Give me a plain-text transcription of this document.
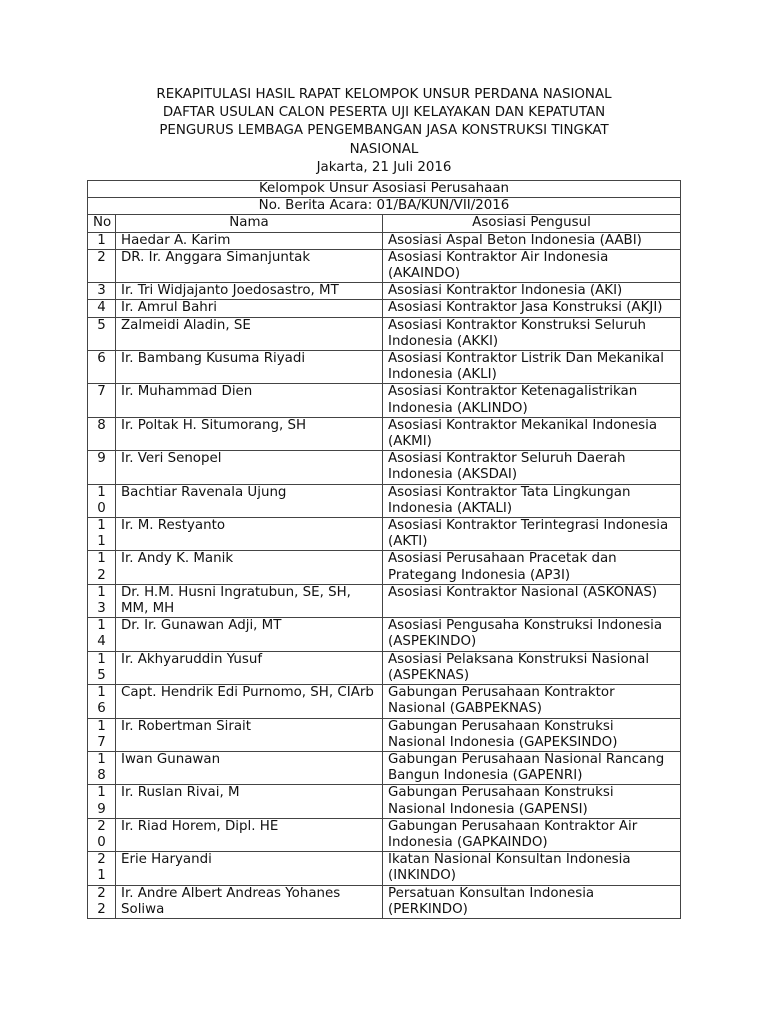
REKAPITULASI HASIL RAPAT KELOMPOK UNSUR PERDANA NASIONAL
DAFTAR USULAN CALON PESERTA UJI KELAYAKAN DAN KEPATUTAN
PENGURUS LEMBAGA PENGEMBANGAN JASA KONSTRUKSI TINGKAT
NASIONAL
Jakarta, 21 Juli 2016
Kelompok Unsur Asosiasi Perusahaan		
No. Berita Acara: 01/BA/KUN/VII/2016		
No	Nama	Asosiasi Pengusul
1	Haedar A. Karim	Asosiasi Aspal Beton Indonesia (AABI)
2	DR. Ir. Anggara Simanjuntak	Asosiasi Kontraktor Air Indonesia (AKAINDO)
3	Ir. Tri Widjajanto Joedosastro, MT	Asosiasi Kontraktor Indonesia (AKI)
4	Ir. Amrul Bahri	Asosiasi Kontraktor Jasa Konstruksi (AKJI)
5	Zalmeidi Aladin, SE	Asosiasi Kontraktor Konstruksi Seluruh Indonesia (AKKI)
6	Ir. Bambang Kusuma Riyadi	Asosiasi Kontraktor Listrik Dan Mekanikal Indonesia (AKLI)
7	Ir. Muhammad Dien	Asosiasi Kontraktor Ketenagalistrikan Indonesia (AKLINDO)
8	Ir. Poltak H. Situmorang, SH	Asosiasi Kontraktor Mekanikal Indonesia (AKMI)
9	Ir. Veri Senopel	Asosiasi Kontraktor Seluruh Daerah Indonesia (AKSDAI)
10	Bachtiar Ravenala Ujung	Asosiasi Kontraktor Tata Lingkungan Indonesia (AKTALI)
11	Ir. M. Restyanto	Asosiasi Kontraktor Terintegrasi Indonesia (AKTI)
12	Ir. Andy K. Manik	Asosiasi Perusahaan Pracetak dan Prategang Indonesia (AP3I)
13	Dr. H.M. Husni Ingratubun, SE, SH, MM, MH	Asosiasi Kontraktor Nasional (ASKONAS)
14	Dr. Ir. Gunawan Adji, MT	Asosiasi Pengusaha Konstruksi Indonesia (ASPEKINDO)
15	Ir. Akhyaruddin Yusuf	Asosiasi Pelaksana Konstruksi Nasional (ASPEKNAS)
16	Capt. Hendrik Edi Purnomo, SH, CIArb	Gabungan Perusahaan Kontraktor Nasional (GABPEKNAS)
17	Ir. Robertman Sirait	Gabungan Perusahaan Konstruksi Nasional Indonesia (GAPEKSINDO)
18	Iwan Gunawan	Gabungan Perusahaan Nasional Rancang Bangun Indonesia (GAPENRI)
19	Ir. Ruslan Rivai, M	Gabungan Perusahaan Konstruksi Nasional Indonesia (GAPENSI)
20	Ir. Riad Horem, Dipl. HE	Gabungan Perusahaan Kontraktor Air Indonesia (GAPKAINDO)
21	Erie Haryandi	Ikatan Nasional Konsultan Indonesia (INKINDO)
22	Ir. Andre Albert Andreas Yohanes Soliwa	Persatuan Konsultan Indonesia (PERKINDO)
